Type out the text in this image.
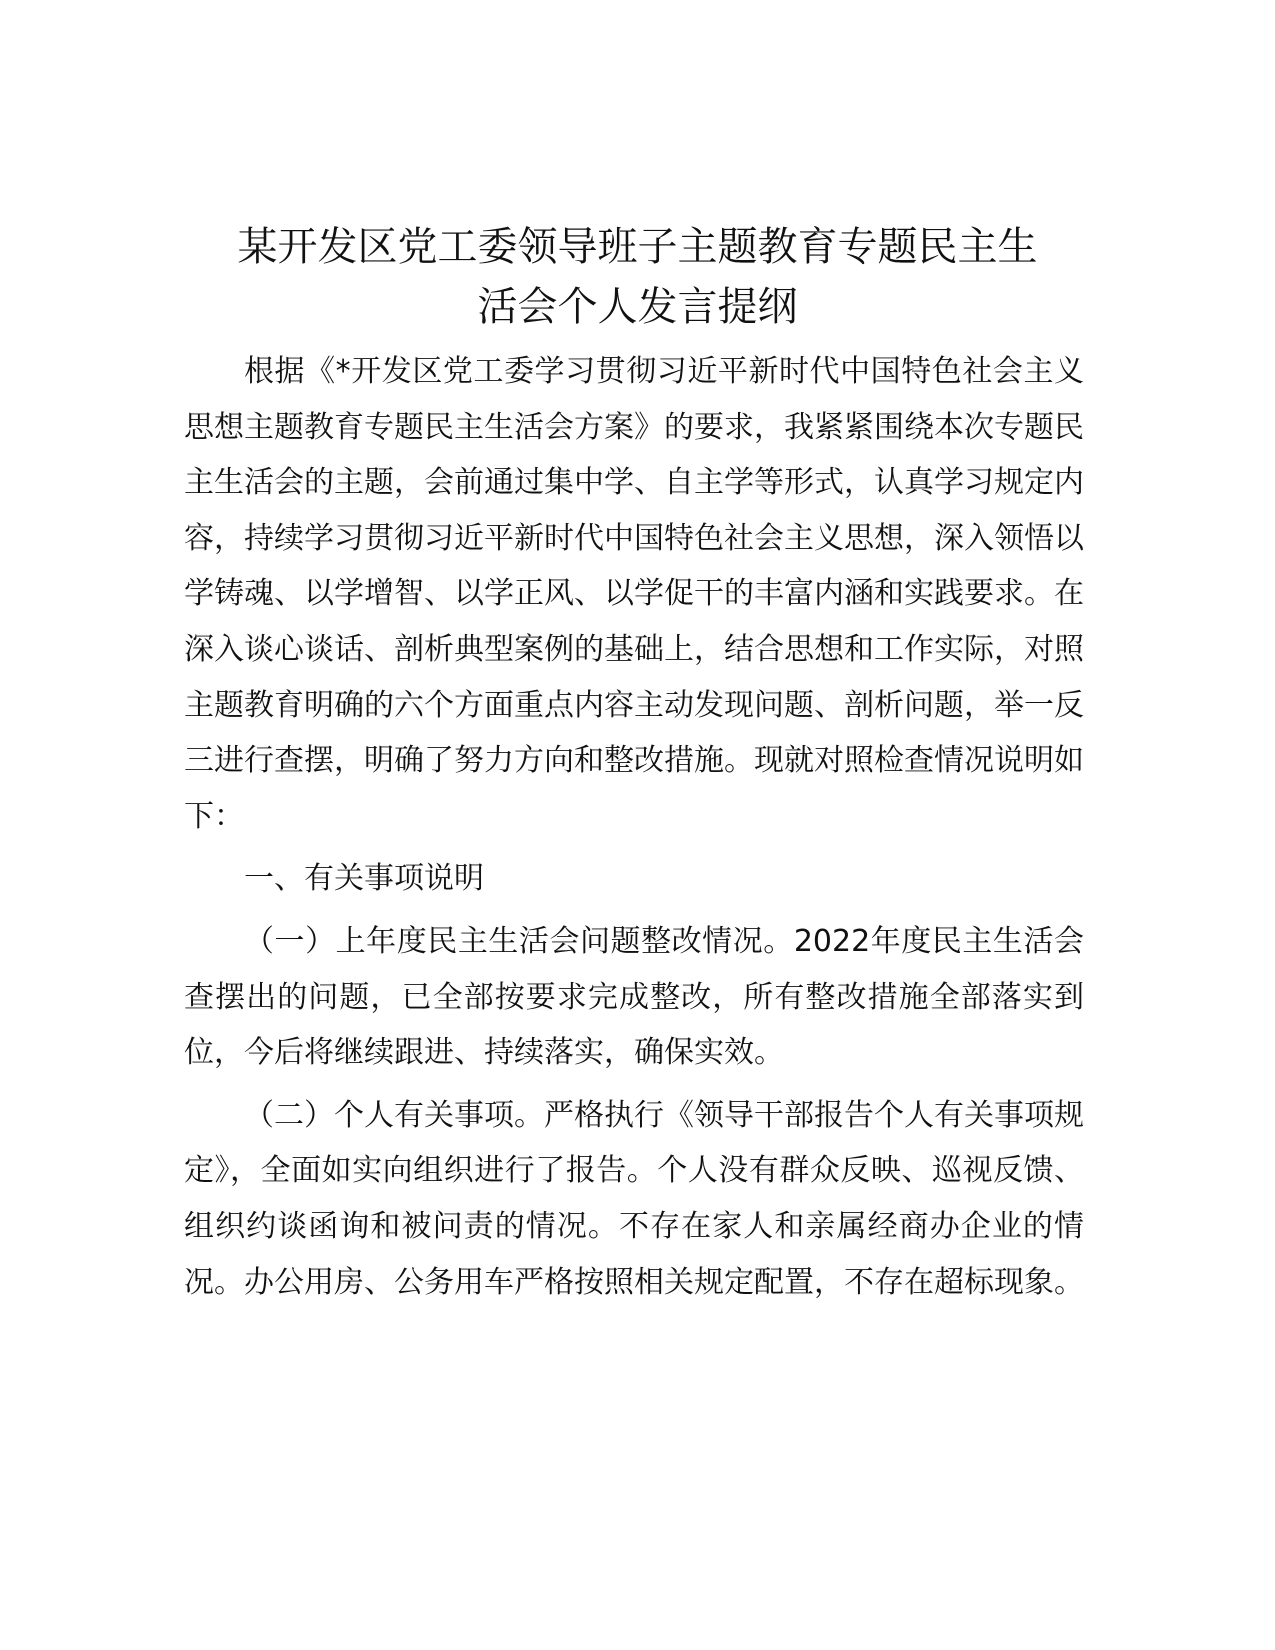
某开发区党工委领导班子主题教育专题民主生
活会个人发言提纲

根据《*开发区党工委学习贯彻习近平新时代中国特色社会主义思想主题教育专题民主生活会方案》的要求，我紧紧围绕本次专题民主生活会的主题，会前通过集中学、自主学等形式，认真学习规定内容，持续学习贯彻习近平新时代中国特色社会主义思想，深入领悟以学铸魂、以学增智、以学正风、以学促干的丰富内涵和实践要求。在深入谈心谈话、剖析典型案例的基础上，结合思想和工作实际，对照主题教育明确的六个方面重点内容主动发现问题、剖析问题，举一反三进行查摆，明确了努力方向和整改措施。现就对照检查情况说明如下：

一、有关事项说明

（一）上年度民主生活会问题整改情况。2022年度民主生活会查摆出的问题，已全部按要求完成整改，所有整改措施全部落实到位，今后将继续跟进、持续落实，确保实效。

（二）个人有关事项。严格执行《领导干部报告个人有关事项规定》，全面如实向组织进行了报告。个人没有群众反映、巡视反馈、组织约谈函询和被问责的情况。不存在家人和亲属经商办企业的情况。办公用房、公务用车严格按照相关规定配置，不存在超标现象。
